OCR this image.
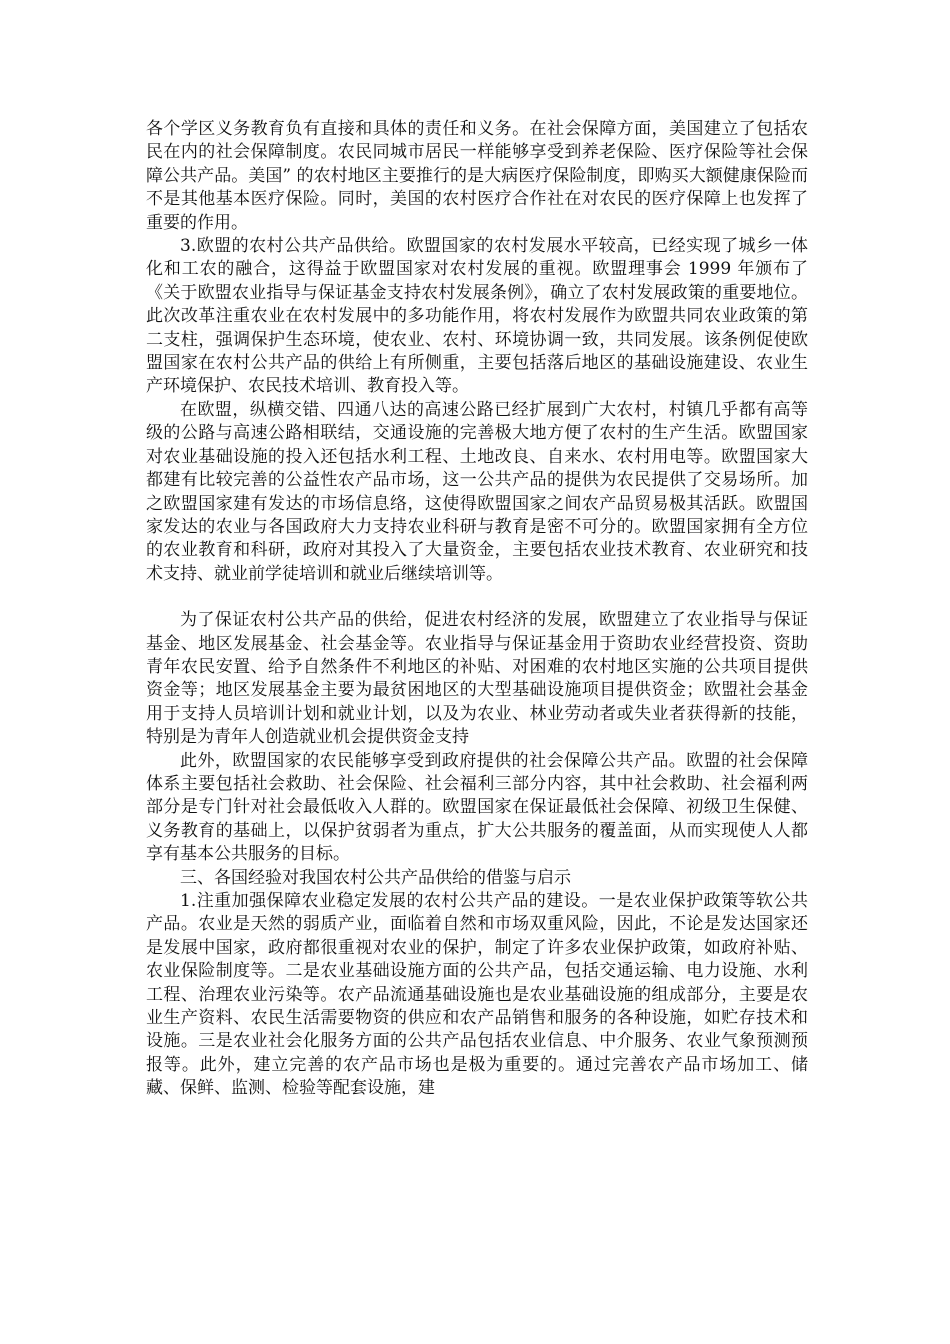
各个学区义务教育负有直接和具体的责任和义务。在社会保障方面，美国建立了包括农民在内的社会保障制度。农民同城市居民一样能够享受到养老保险、医疗保险等社会保障公共产品。美国” 的农村地区主要推行的是大病医疗保险制度，即购买大额健康保险而不是其他基本医疗保险。同时，美国的农村医疗合作社在对农民的医疗保障上也发挥了重要的作用。

3.欧盟的农村公共产品供给。欧盟国家的农村发展水平较高，已经实现了城乡一体化和工农的融合，这得益于欧盟国家对农村发展的重视。欧盟理事会 1999 年颁布了《关于欧盟农业指导与保证基金支持农村发展条例》，确立了农村发展政策的重要地位。此次改革注重农业在农村发展中的多功能作用，将农村发展作为欧盟共同农业政策的第二支柱，强调保护生态环境，使农业、农村、环境协调一致，共同发展。该条例促使欧盟国家在农村公共产品的供给上有所侧重，主要包括落后地区的基础设施建设、农业生产环境保护、农民技术培训、教育投入等。

在欧盟，纵横交错、四通八达的高速公路已经扩展到广大农村，村镇几乎都有高等级的公路与高速公路相联结，交通设施的完善极大地方便了农村的生产生活。欧盟国家对农业基础设施的投入还包括水利工程、土地改良、自来水、农村用电等。欧盟国家大都建有比较完善的公益性农产品市场，这一公共产品的提供为农民提供了交易场所。加之欧盟国家建有发达的市场信息络，这使得欧盟国家之间农产品贸易极其活跃。欧盟国家发达的农业与各国政府大力支持农业科研与教育是密不可分的。欧盟国家拥有全方位的农业教育和科研，政府对其投入了大量资金，主要包括农业技术教育、农业研究和技术支持、就业前学徒培训和就业后继续培训等。

为了保证农村公共产品的供给，促进农村经济的发展，欧盟建立了农业指导与保证基金、地区发展基金、社会基金等。农业指导与保证基金用于资助农业经营投资、资助青年农民安置、给予自然条件不利地区的补贴、对困难的农村地区实施的公共项目提供资金等；地区发展基金主要为最贫困地区的大型基础设施项目提供资金；欧盟社会基金用于支持人员培训计划和就业计划，以及为农业、林业劳动者或失业者获得新的技能，特别是为青年人创造就业机会提供资金支持

此外，欧盟国家的农民能够享受到政府提供的社会保障公共产品。欧盟的社会保障体系主要包括社会救助、社会保险、社会福利三部分内容，其中社会救助、社会福利两部分是专门针对社会最低收入人群的。欧盟国家在保证最低社会保障、初级卫生保健、义务教育的基础上，以保护贫弱者为重点，扩大公共服务的覆盖面，从而实现使人人都享有基本公共服务的目标。

三、各国经验对我国农村公共产品供给的借鉴与启示

1.注重加强保障农业稳定发展的农村公共产品的建设。一是农业保护政策等软公共产品。农业是天然的弱质产业，面临着自然和市场双重风险，因此，不论是发达国家还是发展中国家，政府都很重视对农业的保护，制定了许多农业保护政策，如政府补贴、农业保险制度等。二是农业基础设施方面的公共产品，包括交通运输、电力设施、水利工程、治理农业污染等。农产品流通基础设施也是农业基础设施的组成部分，主要是农业生产资料、农民生活需要物资的供应和农产品销售和服务的各种设施，如贮存技术和设施。三是农业社会化服务方面的公共产品包括农业信息、中介服务、农业气象预测预报等。此外，建立完善的农产品市场也是极为重要的。通过完善农产品市场加工、储藏、保鲜、监测、检验等配套设施，建
